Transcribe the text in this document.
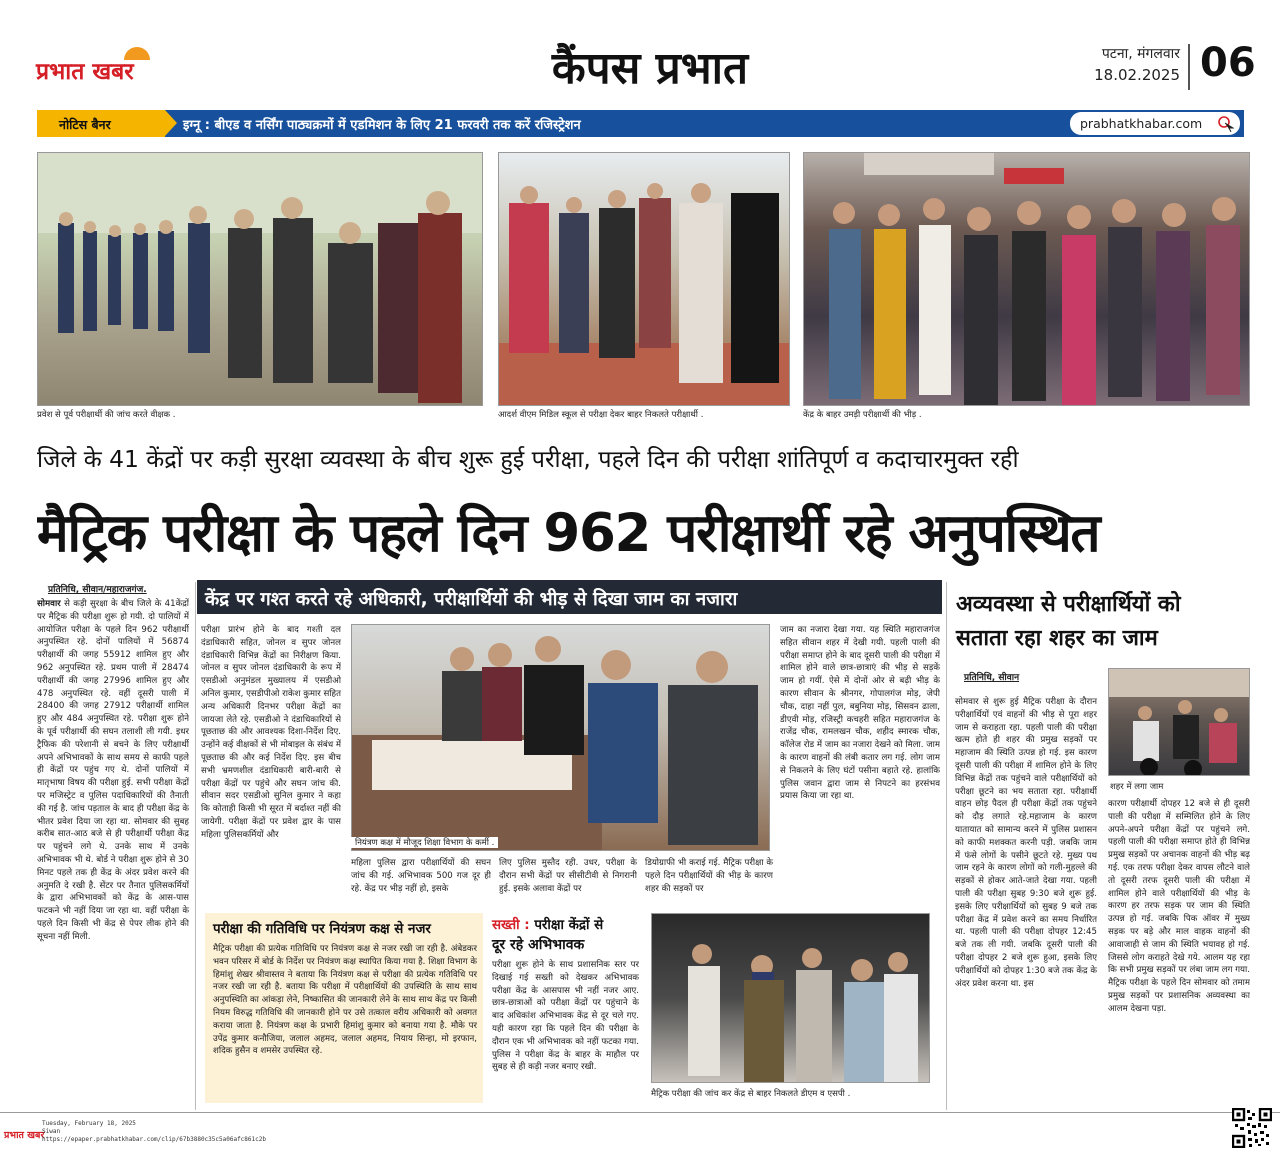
प्रभात खबर	कैंपस प्रभात	पटना, मंगलवार
18.02.2025 06
नोटिस बैनर	इग्नू : बीएड व नर्सिंग पाठ्यक्रमों में एडमिशन के लिए 21 फरवरी तक करें रजिस्ट्रेशन	prabhatkhabar.com
प्रवेश से पूर्व परीक्षार्थी की जांच करते वीक्षक .	आदर्श वीएम मिडिल स्कूल से परीक्षा देकर बाहर निकलते परीक्षार्थी .	केंद्र के बाहर उमड़ी परीक्षार्थी की भीड़ .
जिले के 41 केंद्रों पर कड़ी सुरक्षा व्यवस्था के बीच शुरू हुई परीक्षा, पहले दिन की परीक्षा शांतिपूर्ण व कदाचारमुक्त रही
मैट्रिक परीक्षा के पहले दिन 962 परीक्षार्थी रहे अनुपस्थित
प्रतिनिधि, सीवान/महाराजगंज.
सोमवार से कड़ी सुरक्षा के बीच जिले के 41केंद्रों पर मैट्रिक की परीक्षा शुरू हो गयी. दो पालियों में आयोजित परीक्षा के पहले दिन 962 परीक्षार्थी अनुपस्थित रहे. दोनों पालियों में 56874 परीक्षार्थी की जगह 55912 शामिल हुए और 962 अनुपस्थित रहे. प्रथम पाली में 28474 परीक्षार्थी की जगह 27996 शामिल हुए और 478 अनुपस्थित रहे. वहीं दूसरी पाली में 28400 की जगह 27912 परीक्षार्थी शामिल हुए और 484 अनुपस्थित रहे. परीक्षा शुरू होने के पूर्व परीक्षार्थी की सघन तलाशी ली गयी. इधर ट्रैफिक की परेशानी से बचने के लिए परीक्षार्थी अपने अभिभावकों के साथ समय से काफी पहले ही केंद्रों पर पहुंच गए थे. दोनों पालियों में मातृभाषा विषय की परीक्षा हुई. सभी परीक्षा केंद्रों पर मजिस्ट्रेट व पुलिस पदाधिकारियों की तैनाती की गई है. जांच पड़ताल के बाद ही परीक्षा केंद्र के भीतर प्रवेश दिया जा रहा था. सोमवार की सुबह करीब सात-आठ बजे से ही परीक्षार्थी परीक्षा केंद्र पर पहुंचने लगे थे. उनके साथ में उनके अभिभावक भी थे. बोर्ड ने परीक्षा शुरू होने से 30 मिनट पहले तक ही केंद्र के अंदर प्रवेश करने की अनुमति दे रखी है. सेंटर पर तैनात पुलिसकर्मियों के द्वारा अभिभावकों को केंद्र के आस-पास फटकने भी नहीं दिया जा रहा था. वहीं परीक्षा के पहले दिन किसी भी केंद्र से पेपर लीक होने की सूचना नहीं मिली.
केंद्र पर गश्त करते रहे अधिकारी, परीक्षार्थियों की भीड़ से दिखा जाम का नजारा
परीक्षा प्रारंभ होने के बाद गश्ती दल दंडाधिकारी सहित, जोनल व सुपर जोनल दंडाधिकारी विभिन्न केंद्रों का निरीक्षण किया. जोनल व सुपर जोनल दंडाधिकारी के रूप में एसडीओ अनुमंडल मुख्यालय में एसडीओ अनिल कुमार, एसडीपीओ राकेश कुमार सहित अन्य अधिकारी दिनभर परीक्षा केंद्रों का जायजा लेते रहे. एसडीओ ने दंडाधिकारियों से पूछताछ की और आवश्यक दिशा-निर्देश दिए. उन्होंने कई वीक्षकों से भी मोबाइल के संबंध में पूछताछ की और कई निर्देश दिए. इस बीच सभी भ्रमणशील दंडाधिकारी बारी-बारी से परीक्षा केंद्रों पर पहुंचे और सघन जांच की. सीवान सदर एसडीओ सुनिल कुमार ने कहा कि कोताही किसी भी सूरत में बर्दाश्त नहीं की जायेगी. परीक्षा केंद्रों पर प्रवेश द्वार के पास महिला पुलिसकर्मियों और
नियंत्रण कक्ष में मौजूद शिक्षा विभाग के कर्मी .
महिला पुलिस द्वारा परीक्षार्थियों की सघन जांच की गई. अभिभावक 500 गज दूर ही रहे. केंद्र पर भीड़ नहीं हो, इसके
लिए पुलिस मुस्तैद रही. उधर, परीक्षा के दौरान सभी केंद्रों पर सीसीटीवी से निगरानी हुई. इसके अलावा केंद्रों पर
डियोग्राफी भी कराई गई. मैट्रिक परीक्षा के पहले दिन परीक्षार्थियों की भीड़ के कारण शहर की सड़कों पर
जाम का नजारा देखा गया. यह स्थिति महाराजगंज सहित सीवान शहर में देखी गयी. पहली पाली की परीक्षा समाप्त होने के बाद दूसरी पाली की परीक्षा में शामिल होने वाले छात्र-छात्राएं की भीड़ से सड़कें जाम हो गयीं. ऐसे में दोनों ओर से बढ़ी भीड़ के कारण सीवान के श्रीनगर, गोपालगंज मोड़, जेपी चौक, दाहा नहीं पुल, बबुनिया मोड़, सिसवन ढाला, डीएवी मोड़, रजिस्ट्री कचहरी सहित महाराजगंज के राजेंद्र चौक, रामलखन चौक, शहीद स्मारक चौक, कॉलेज रोड में जाम का नजारा देखने को मिला. जाम के कारण वाहनों की लंबी कतार लग गई. लोग जाम से निकलने के लिए घंटों पसीना बहाते रहे. हालांकि पुलिस जवान द्वारा जाम से निपटने का हरसंभव प्रयास किया जा रहा था.
परीक्षा की गतिविधि पर नियंत्रण कक्ष से नजर
मैट्रिक परीक्षा की प्रत्येक गतिविधि पर नियंत्रण कक्ष से नजर रखी जा रही है. अंबेडकर भवन परिसर में बोर्ड के निर्देश पर नियंत्रण कक्ष स्थापित किया गया है. शिक्षा विभाग के हिमांशु शेखर श्रीवास्तव ने बताया कि नियंत्रण कक्ष से परीक्षा की प्रत्येक गतिविधि पर नजर रखी जा रही है. बताया कि परीक्षा में परीक्षार्थियों की उपस्थिति के साथ साथ अनुपस्थिति का आंकड़ा लेने, निष्कासित की जानकारी लेने के साथ साथ केंद्र पर किसी नियम विरुद्ध गतिविधि की जानकारी होने पर उसे तत्काल वरीय अधिकारी को अवगत कराया जाता है. नियंत्रण कक्ष के प्रभारी हिमांशु कुमार को बनाया गया है. मौके पर उपेंद्र कुमार कनौजिया, जलाल अहमद, जलाल अहमद, नियाय सिन्हा, मो इरफान, शदिक हुसैन व शमसेर उपस्थित रहे.
सख्ती : परीक्षा केंद्रों से
दूर रहे अभिभावक
परीक्षा शुरू होने के साथ प्रशासनिक स्तर पर दिखाई गई सख्ती को देखकर अभिभावक परीक्षा केंद्र के आसपास भी नहीं नजर आए. छात्र-छात्राओं को परीक्षा केंद्रों पर पहुंचाने के बाद अधिकांश अभिभावक केंद्र से दूर चले गए. यही कारण रहा कि पहले दिन की परीक्षा के दौरान एक भी अभिभावक को नहीं फटका गया. पुलिस ने परीक्षा केंद्र के बाहर के माहौल पर सुबह से ही कड़ी नजर बनाए रखी.
मैट्रिक परीक्षा की जांच कर केंद्र से बाहर निकलते डीएम व एसपी .
अव्यवस्था से परीक्षार्थियों को
सताता रहा शहर का जाम
प्रतिनिधि, सीवान
सोमवार से शुरू हुई मैट्रिक परीक्षा के दौरान परीक्षार्थियों एवं वाहनों की भीड़ से पूरा शहर जाम से कराहता रहा. पहली पाली की परीक्षा खत्म होते ही शहर की प्रमुख सड़कों पर महाजाम की स्थिति उत्पन्न हो गई. इस कारण दूसरी पाली की परीक्षा में शामिल होने के लिए विभिन्न केंद्रों तक पहुंचने वाले परीक्षार्थियों को परीक्षा छूटने का भय सताता रहा. परीक्षार्थी वाहन छोड़ पैदल ही परीक्षा केंद्रों तक पहुंचने को दौड़ लगाते रहे.महाजाम के कारण यातायात को सामान्य करने में पुलिस प्रशासन को काफी मशक्कत करनी पड़ी. जबकि जाम में फंसे लोगों के पसीने छूटते रहे. मुख्य पथ जाम रहने के कारण लोगों को गली-मुहल्ले की सड़कों से होकर आते-जाते देखा गया. पहली पाली की परीक्षा सुबह 9:30 बजे शुरू हुई. इसके लिए परीक्षार्थियों को सुबह 9 बजे तक परीक्षा केंद्र में प्रवेश करने का समय निर्धारित था. पहली पाली की परीक्षा दोपहर 12:45 बजे तक ली गयी. जबकि दूसरी पाली की परीक्षा दोपहर 2 बजे शुरू हुआ, इसके लिए परीक्षार्थियों को दोपहर 1:30 बजे तक केंद्र के अंदर प्रवेश करना था. इस
शहर में लगा जाम
कारण परीक्षार्थी दोपहर 12 बजे से ही दूसरी पाली की परीक्षा में सम्मिलित होने के लिए अपने-अपने परीक्षा केंद्रों पर पहुंचने लगे. पहली पाली की परीक्षा समाप्त होते ही विभिन्न प्रमुख सड़कों पर अचानक वाहनों की भीड़ बढ़ गई. एक तरफ परीक्षा देकर वापस लौटने वाले तो दूसरी तरफ दूसरी पाली की परीक्षा में शामिल होने वाले परीक्षार्थियों की भीड़ के कारण हर तरफ सड़क पर जाम की स्थिति उत्पन्न हो गई. जबकि पिक ऑवर में मुख्य सड़क पर बड़े और माल वाहक वाहनों की आवाजाही से जाम की स्थिति भयावह हो गई. जिससे लोग कराहते देखे गये. आलम यह रहा कि सभी प्रमुख सड़कों पर लंबा जाम लग गया. मैट्रिक परीक्षा के पहले दिन सोमवार को तमाम प्रमुख सड़कों पर प्रशासनिक अव्यवस्था का आलम देखना पड़ा.
प्रभात खबर
Tuesday, February 18, 2025
Siwan
https://epaper.prabhatkhabar.com/clip/67b3880c35c5a06afc861c2b
